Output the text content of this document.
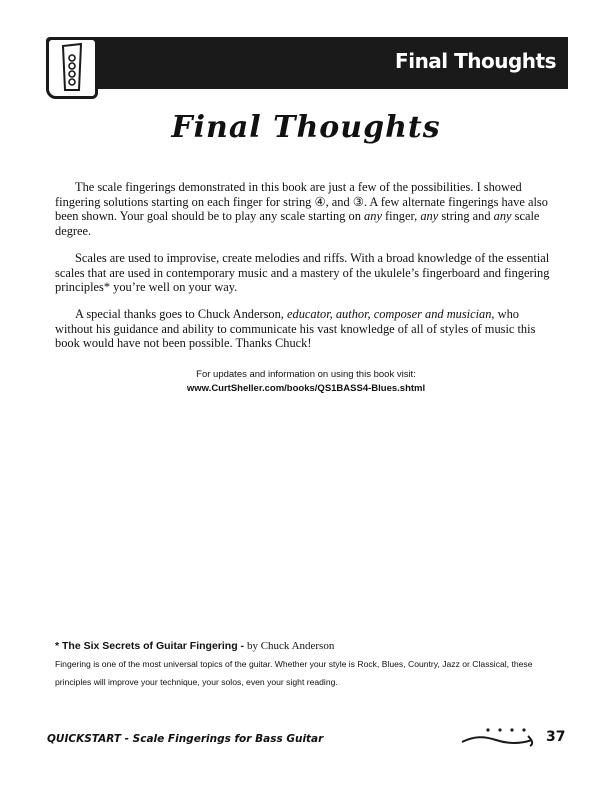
Final Thoughts
Final Thoughts

The scale fingerings demonstrated in this book are just a few of the possibilities. I showed fingering solutions starting on each finger for string ④, and ③. A few alternate fingerings have also been shown. Your goal should be to play any scale starting on any finger, any string and any scale degree.

Scales are used to improvise, create melodies and riffs. With a broad knowledge of the essential scales that are used in contemporary music and a mastery of the ukulele’s fingerboard and fingering principles* you’re well on your way.

A special thanks goes to Chuck Anderson, educator, author, composer and musician, who without his guidance and ability to communicate his vast knowledge of all of styles of music this book would have not been possible. Thanks Chuck!

For updates and information on using this book visit:
www.CurtSheller.com/books/QS1BASS4-Blues.shtml
* The Six Secrets of Guitar Fingering - by Chuck Anderson

Fingering is one of the most universal topics of the guitar. Whether your style is Rock, Blues, Country, Jazz or Classical, these principles will improve your technique, your solos, even your sight reading.

QUICKSTART - Scale Fingerings for Bass Guitar	37
